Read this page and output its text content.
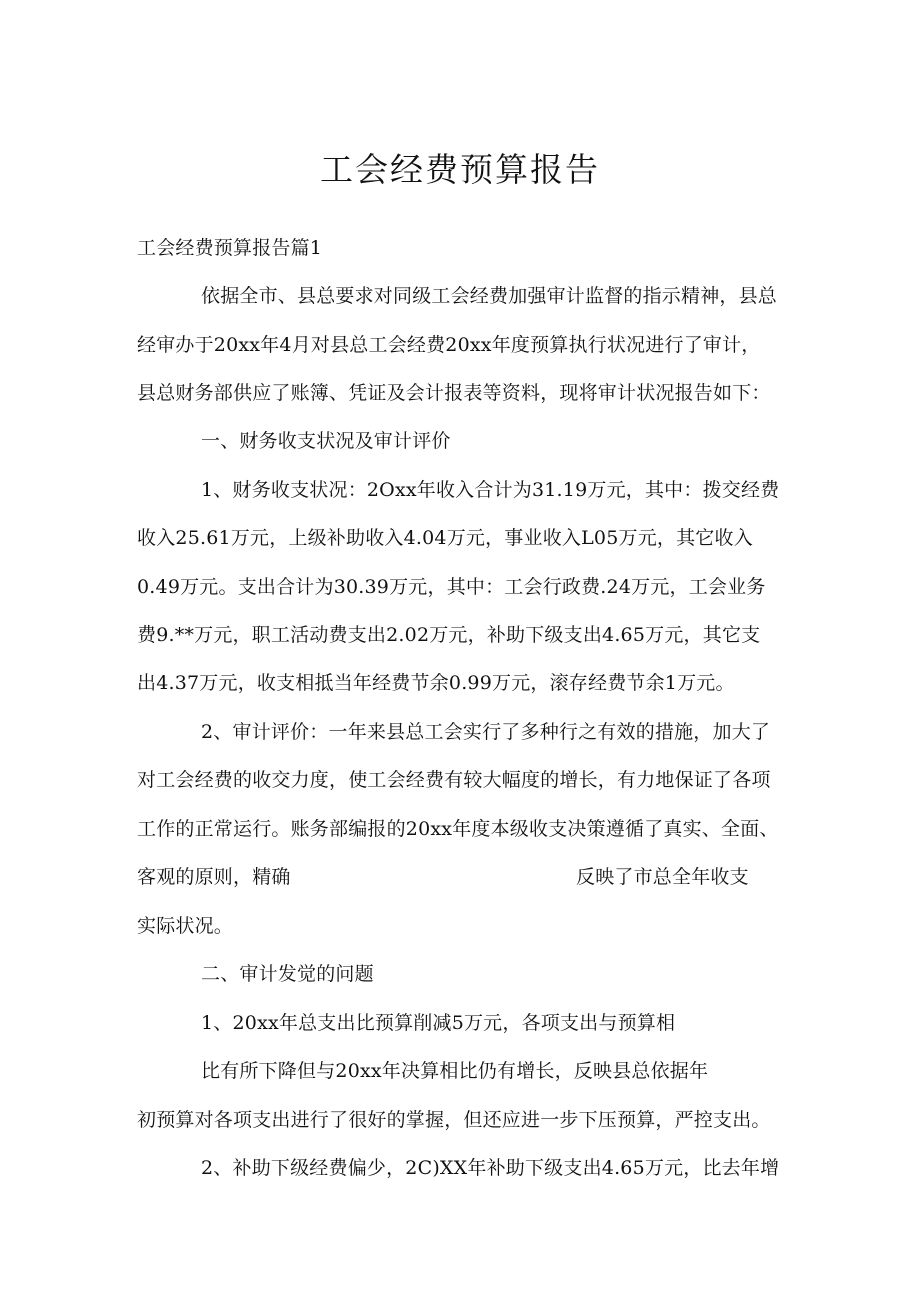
工会经费预算报告
工会经费预算报告篇1
依据全市、县总要求对同级工会经费加强审计监督的指示精神，县总
经审办于20xx年4月对县总工会经费20xx年度预算执行状况进行了审计，
县总财务部供应了账簿、凭证及会计报表等资料，现将审计状况报告如下：
一、财务收支状况及审计评价
1、财务收支状况：2Oxx年收入合计为31.19万元，其中：拨交经费
收入25.61万元，上级补助收入4.04万元，事业收入L05万元，其它收入
0.49万元。支出合计为30.39万元，其中：工会行政费.24万元，工会业务
费9.**万元，职工活动费支出2.02万元，补助下级支出4.65万元，其它支
出4.37万元，收支相抵当年经费节余0.99万元，滚存经费节余1万元。
2、审计评价：一年来县总工会实行了多种行之有效的措施，加大了
对工会经费的收交力度，使工会经费有较大幅度的增长，有力地保证了各项
工作的正常运行。账务部编报的20xx年度本级收支决策遵循了真实、全面、
客观的原则，精确	反映了市总全年收支
实际状况。
二、审计发觉的问题
1、20xx年总支出比预算削减5万元，各项支出与预算相
比有所下降但与20xx年决算相比仍有增长，反映县总依据年
初预算对各项支出进行了很好的掌握，但还应进一步下压预算，严控支出。
2、补助下级经费偏少，2C)XX年补助下级支出4.65万元，比去年增
